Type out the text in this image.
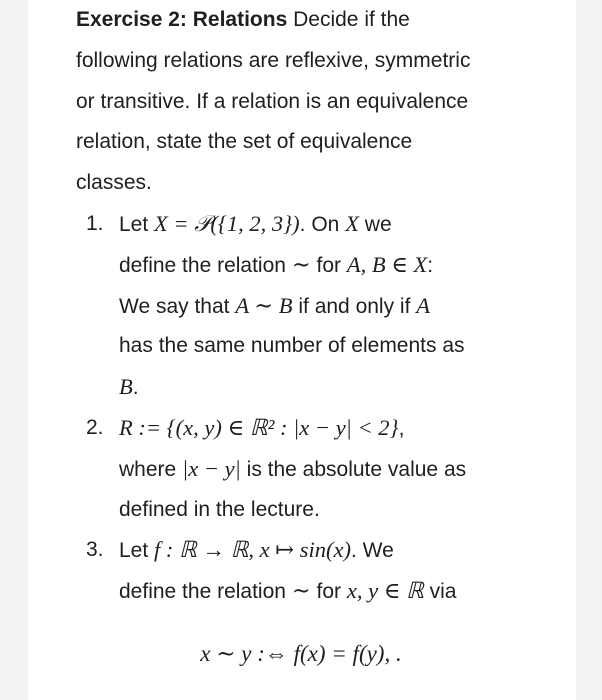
Exercise 2: Relations Decide if the
following relations are reflexive, symmetric
or transitive. If a relation is an equivalence
relation, state the set of equivalence
classes.
1. Let X = 𝒫({1, 2, 3}). On X we
define the relation ∼ for A, B ∈ X:
We say that A ∼ B if and only if A
has the same number of elements as
B.
2. R := {(x, y) ∈ ℝ² : |x − y| < 2},
where |x − y| is the absolute value as
defined in the lecture.
3. Let f : ℝ → ℝ, x ↦ sin(x). We
define the relation ∼ for x, y ∈ ℝ via
x ∼ y :⇔ f(x) = f(y), .
